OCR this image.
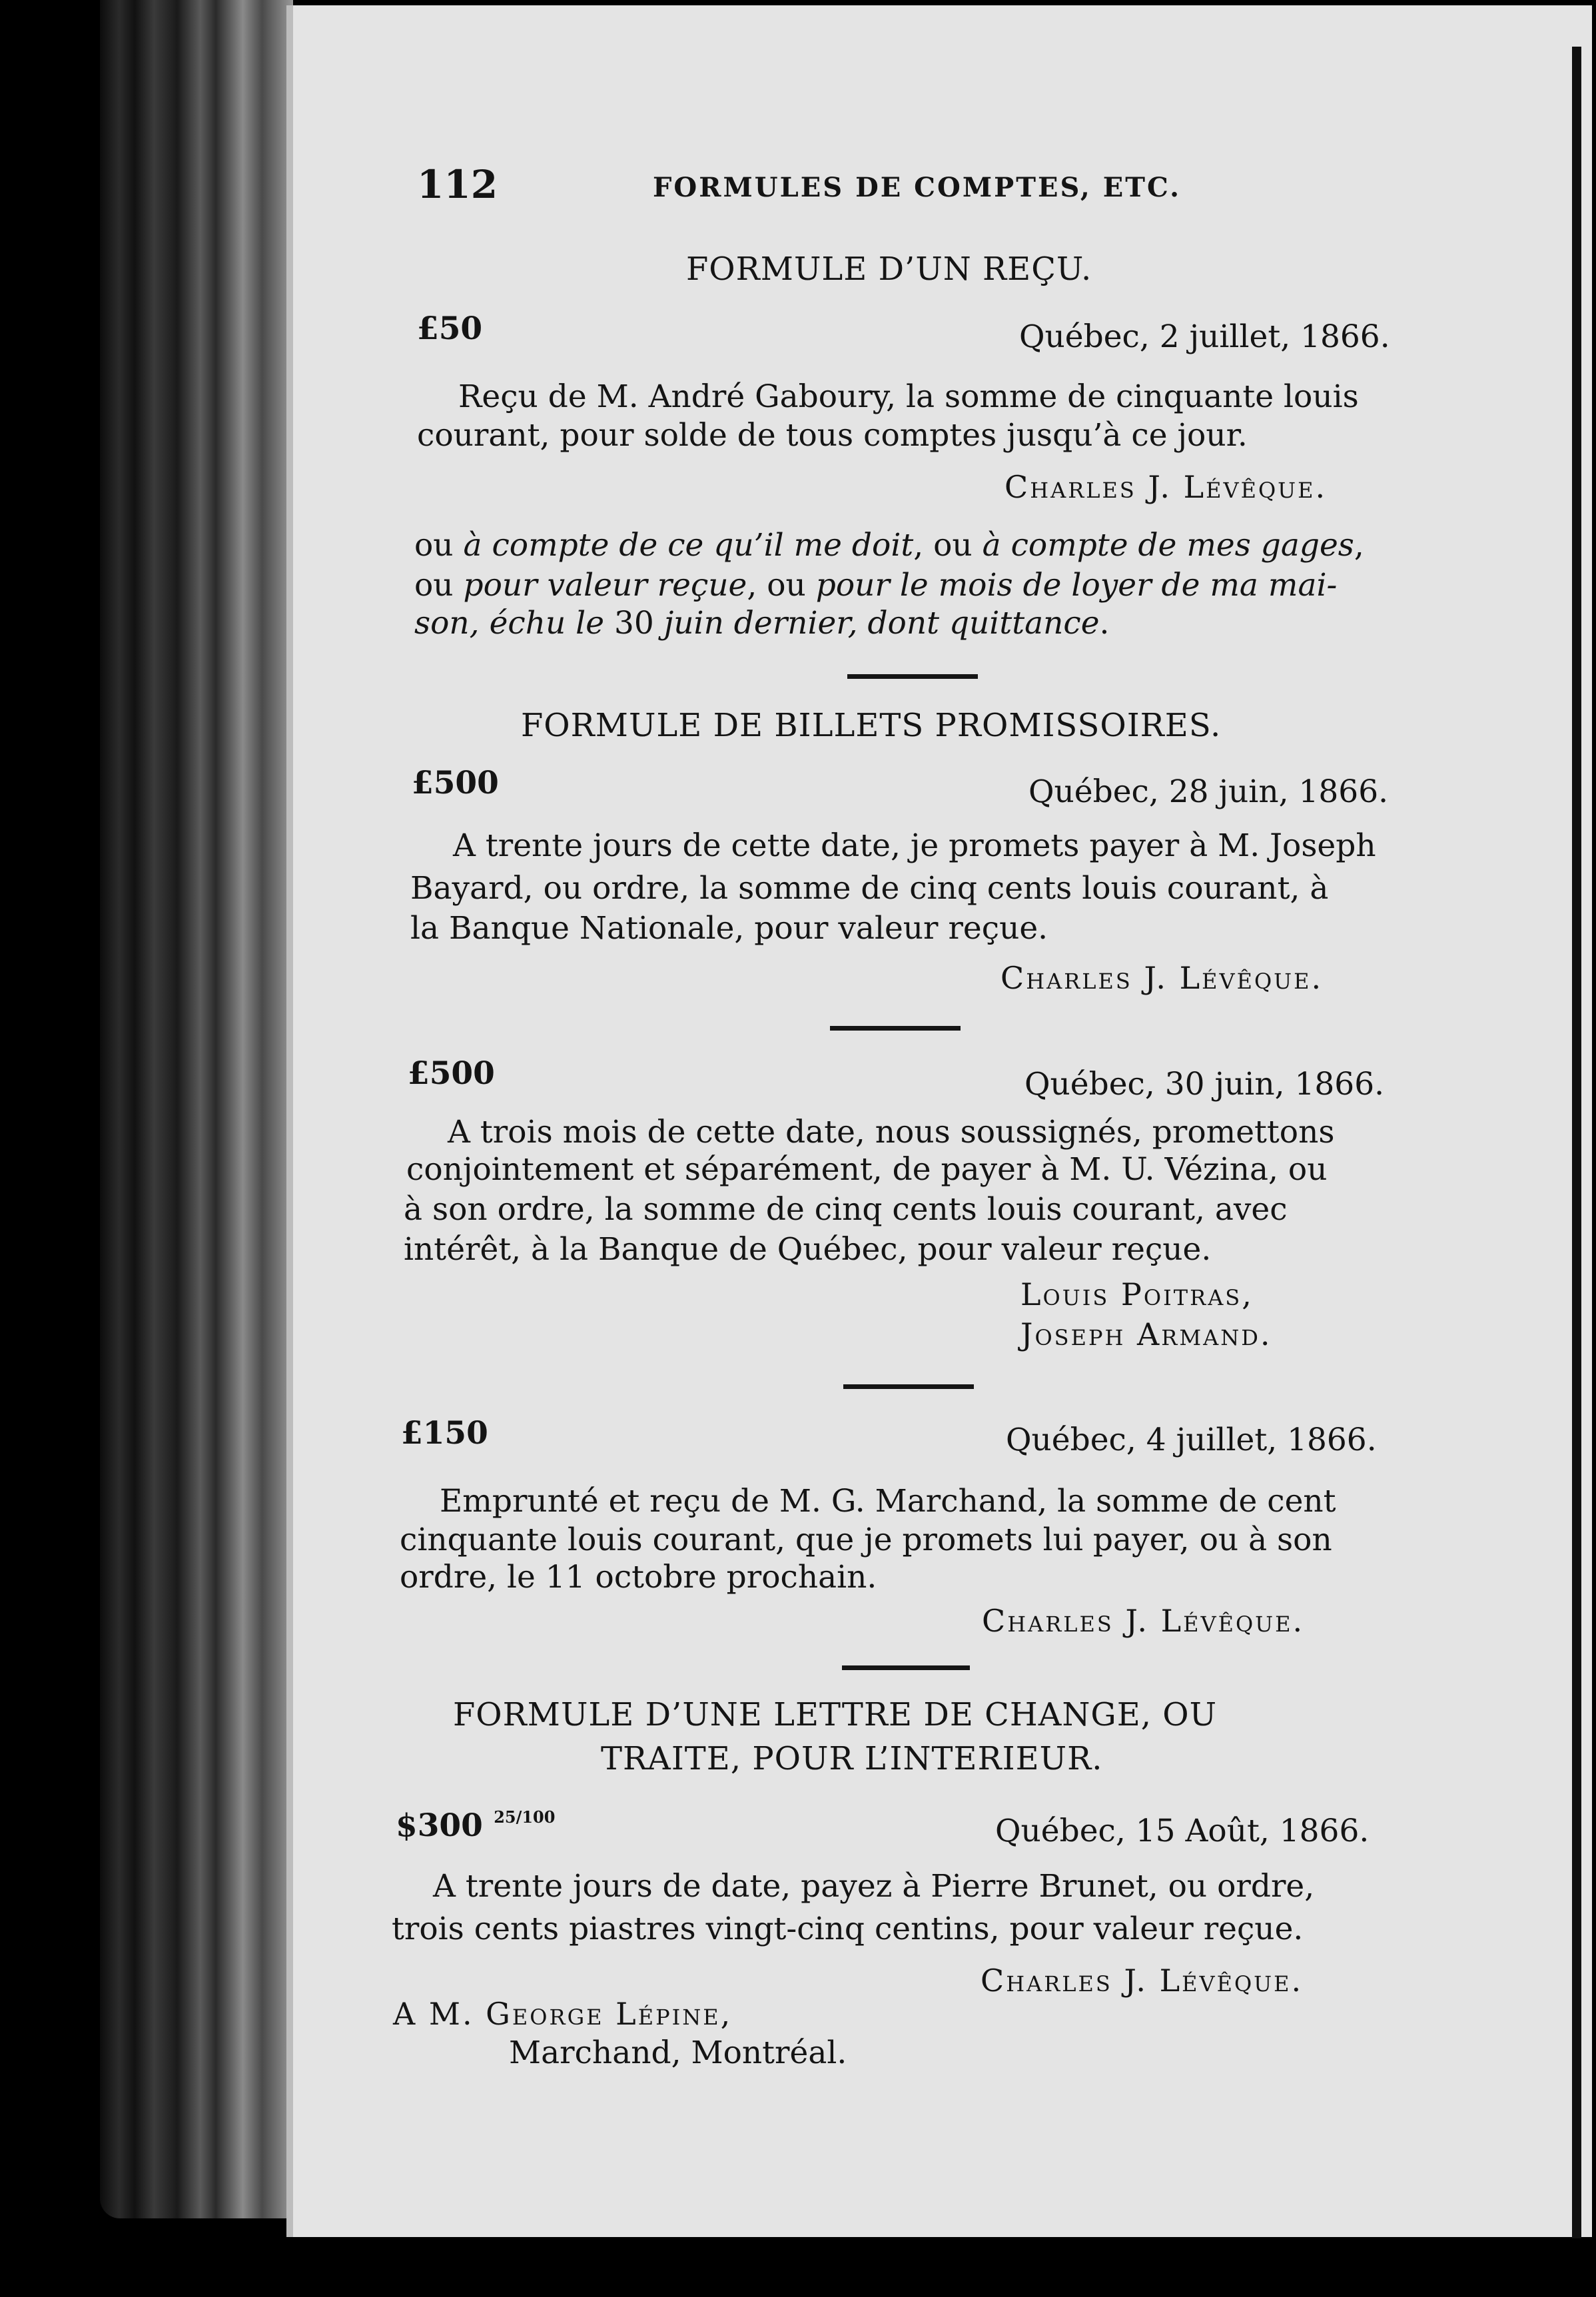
112	FORMULES DE COMPTES, ETC.
FORMULE D’UN REÇU.
£50	Québec, 2 juillet, 1866.
Reçu de M. André Gaboury, la somme de cinquante louis
courant, pour solde de tous comptes jusqu’à ce jour.
Charles J. Lévêque.
ou à compte de ce qu’il me doit, ou à compte de mes gages,
ou pour valeur reçue, ou pour le mois de loyer de ma mai-
son, échu le 30 juin dernier, dont quittance.
FORMULE DE BILLETS PROMISSOIRES.
£500	Québec, 28 juin, 1866.
A trente jours de cette date, je promets payer à M. Joseph
Bayard, ou ordre, la somme de cinq cents louis courant, à
la Banque Nationale, pour valeur reçue.
Charles J. Lévêque.
£500	Québec, 30 juin, 1866.
A trois mois de cette date, nous soussignés, promettons
conjointement et séparément, de payer à M. U. Vézina, ou
à son ordre, la somme de cinq cents louis courant, avec
intérêt, à la Banque de Québec, pour valeur reçue.
Louis Poitras,
Joseph Armand.
£150	Québec, 4 juillet, 1866.
Emprunté et reçu de M. G. Marchand, la somme de cent
cinquante louis courant, que je promets lui payer, ou à son
ordre, le 11 octobre prochain.
Charles J. Lévêque.
FORMULE D’UNE LETTRE DE CHANGE, OU
TRAITE, POUR L’INTERIEUR.
$300 $^{25/100}$	Québec, 15 Août, 1866.
A trente jours de date, payez à Pierre Brunet, ou ordre,
trois cents piastres vingt-cinq centins, pour valeur reçue.
Charles J. Lévêque.
A M. George Lépine,
Marchand, Montréal.
